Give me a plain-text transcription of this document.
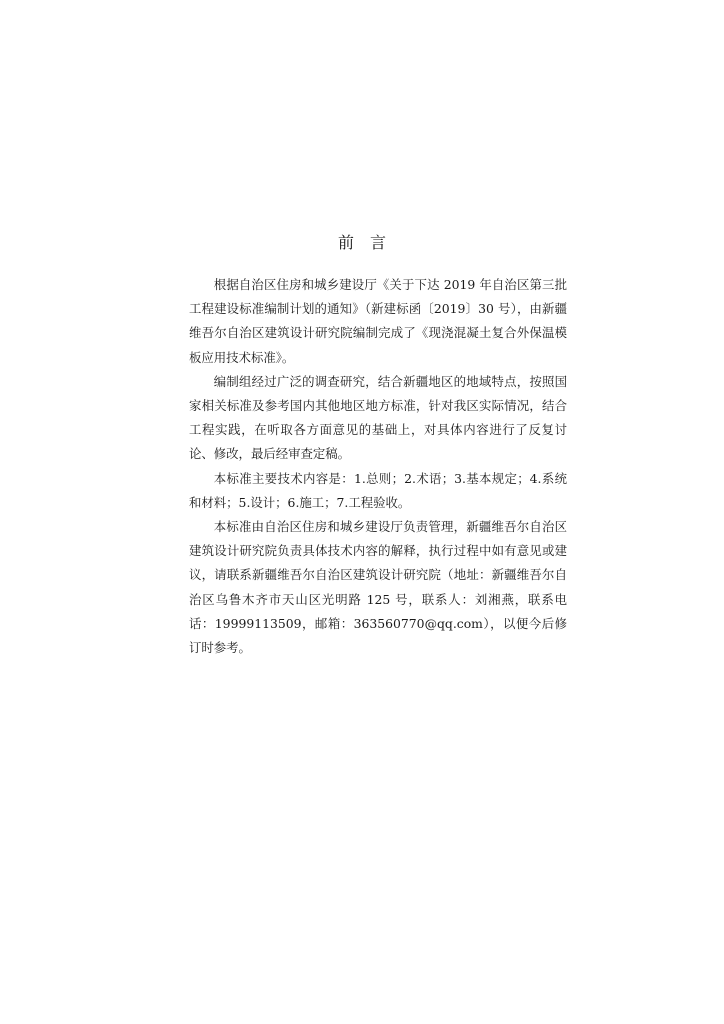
前　言

根据自治区住房和城乡建设厅《关于下达 2019 年自治区第三批工程建设标准编制计划的通知》（新建标函〔2019〕30 号），由新疆维吾尔自治区建筑设计研究院编制完成了《现浇混凝土复合外保温模板应用技术标准》。

编制组经过广泛的调查研究，结合新疆地区的地域特点，按照国家相关标准及参考国内其他地区地方标准，针对我区实际情况，结合工程实践，在听取各方面意见的基础上，对具体内容进行了反复讨论、修改，最后经审查定稿。

本标准主要技术内容是：1.总则；2.术语；3.基本规定；4.系统和材料；5.设计；6.施工；7.工程验收。

本标准由自治区住房和城乡建设厅负责管理，新疆维吾尔自治区建筑设计研究院负责具体技术内容的解释，执行过程中如有意见或建议，请联系新疆维吾尔自治区建筑设计研究院（地址：新疆维吾尔自治区乌鲁木齐市天山区光明路 125 号，联系人：刘湘燕，联系电话：19999113509，邮箱：363560770@qq.com），以便今后修订时参考。
